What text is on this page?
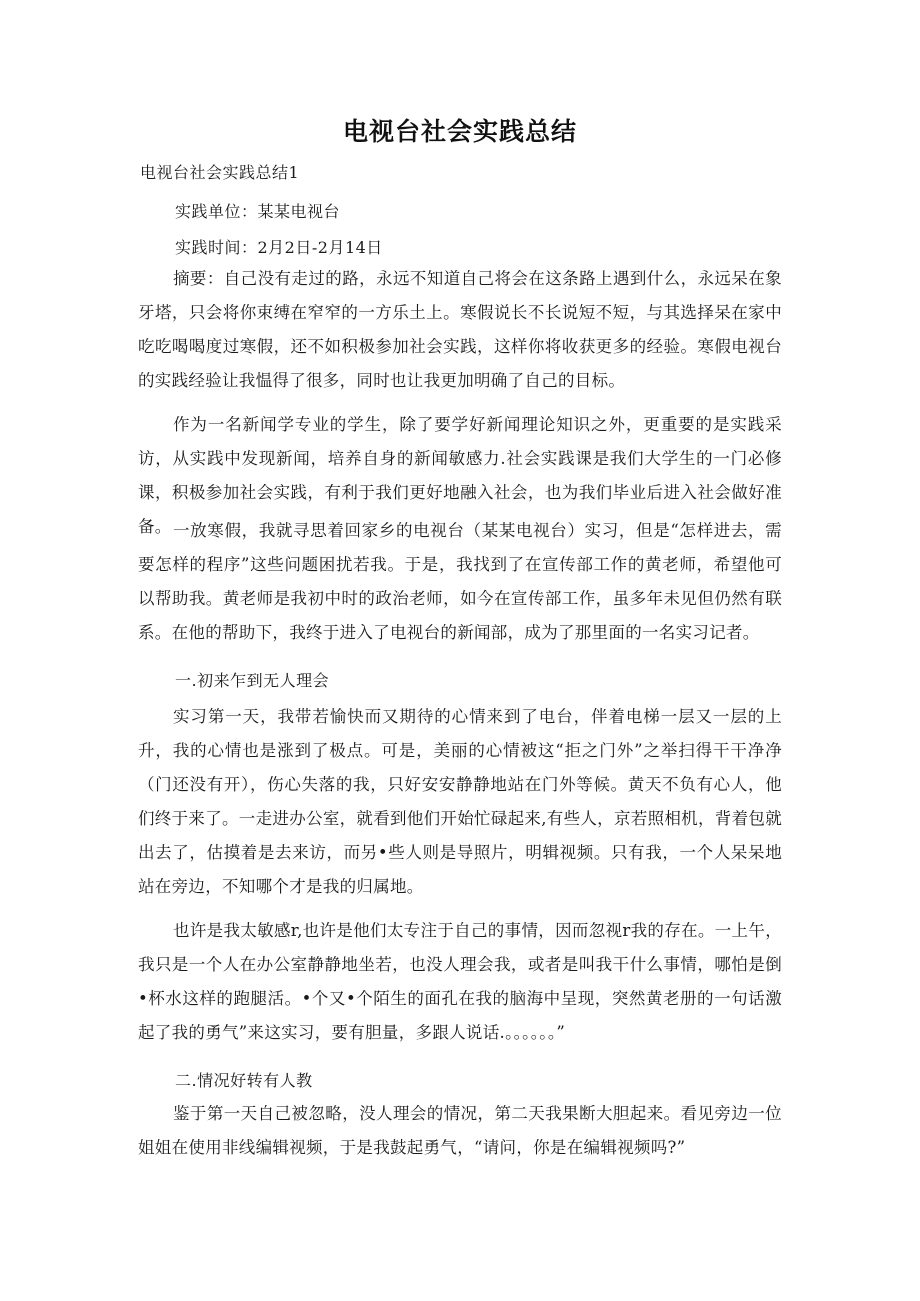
电视台社会实践总结
电视台社会实践总结1
实践单位：某某电视台
实践时间：2月2日-2月14日

摘要：自己没有走过的路，永远不知道自己将会在这条路上遇到什么，永远呆在象牙塔，只会将你束缚在窄窄的一方乐土上。寒假说长不长说短不短，与其选择呆在家中吃吃喝喝度过寒假，还不如积极参加社会实践，这样你将收获更多的经验。寒假电视台的实践经验让我愠得了很多，同时也让我更加明确了自己的目标。

作为一名新闻学专业的学生，除了要学好新闻理论知识之外，更重要的是实践采访，从实践中发现新闻，培养自身的新闻敏感力.社会实践课是我们大学生的一门必修课，积极参加社会实践，有利于我们更好地融入社会，也为我们毕业后进入社会做好准备。 一放寒假，我就寻思着回家乡的电视台（某某电视台）实习，但是“怎样进去，需要怎样的程序”这些问题困扰若我。于是，我找到了在宣传部工作的黄老师，希望他可以帮助我。黄老师是我初中时的政治老师，如今在宣传部工作，虽多年未见但仍然有联系。在他的帮助下，我终于进入了电视台的新闻部，成为了那里面的一名实习记者。

一.初来乍到无人理会

实习第一天，我带若愉快而又期待的心情来到了电台，伴着电梯一层又一层的上升，我的心情也是涨到了极点。可是，美丽的心情被这“拒之门外”之举扫得干干净净（门还没有开），伤心失落的我，只好安安静静地站在门外等候。黄天不负有心人，他们终于来了。一走进办公室，就看到他们开始忙碌起来,有些人，京若照相机，背着包就出去了，估摸着是去来访，而另•些人则是导照片，明辑视频。只有我，一个人呆呆地站在旁边，不知哪个才是我的归属地。

也许是我太敏感r,也许是他们太专注于自己的事情，因而忽视r我的存在。一上午，我只是一个人在办公室静静地坐若，也没人理会我，或者是叫我干什么事情，哪怕是倒•杯水这样的跑腿活。•个又•个陌生的面孔在我的脑海中呈现，突然黄老册的一句话激起了我的勇气”来这实习，要有胆量，多跟人说话.。。。。。。”

二.情况好转有人教

鉴于第一天自己被忽略，没人理会的情况，第二天我果断大胆起来。看见旁边一位姐姐在使用非线编辑视频，于是我鼓起勇气，“请问，你是在编辑视频吗?”
